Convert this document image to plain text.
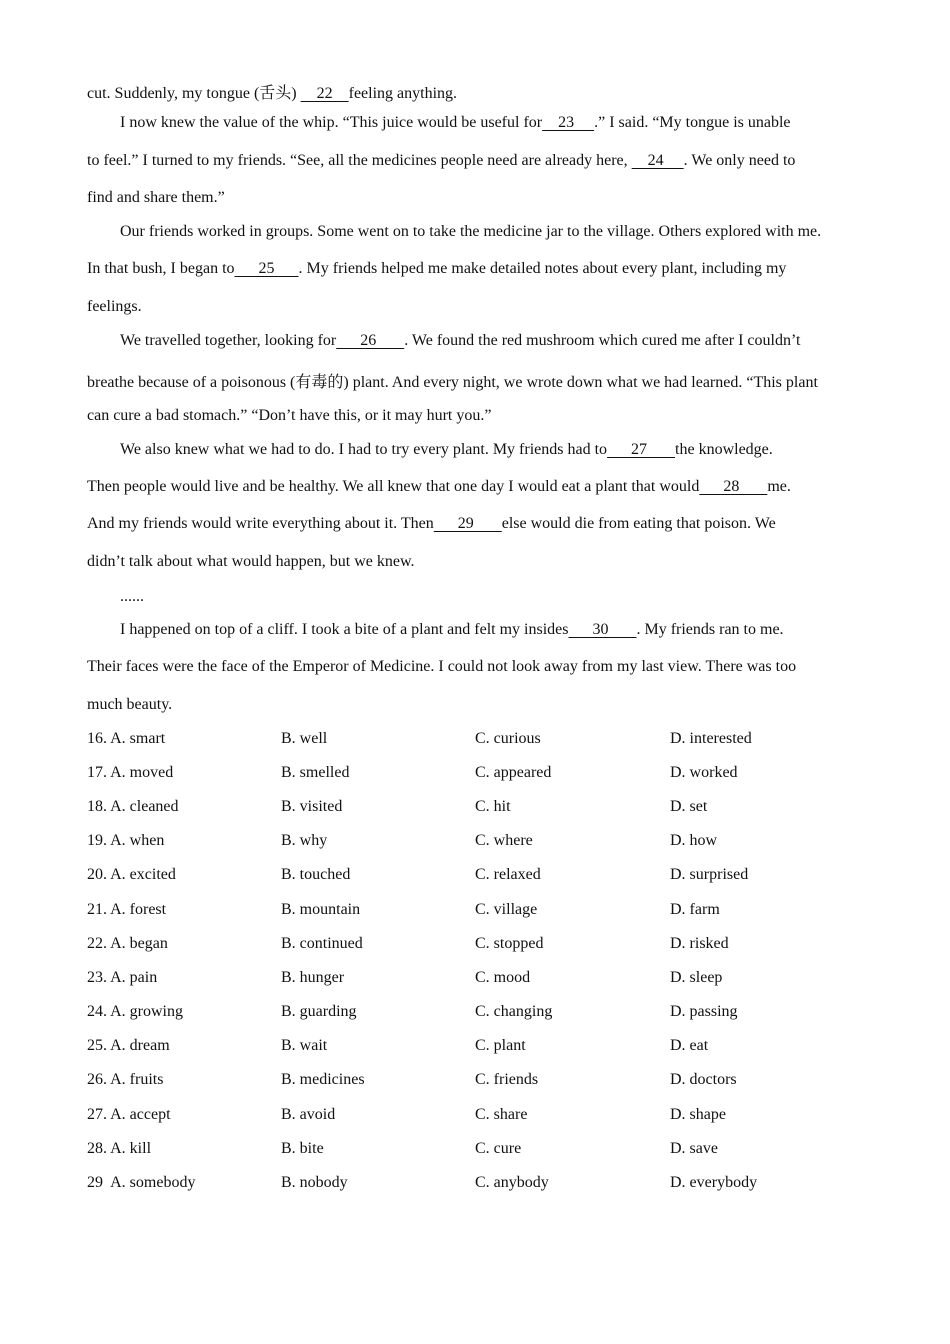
cut. Suddenly, my tongue (舌头)     22    feeling anything.
I now knew the value of the whip. “This juice would be useful for    23     .” I said. “My tongue is unable
to feel.” I turned to my friends. “See, all the medicines people need are already here,     24     . We only need to
find and share them.”
Our friends worked in groups. Some went on to take the medicine jar to the village. Others explored with me.
In that bush, I began to      25      . My friends helped me make detailed notes about every plant, including my
feelings.
We travelled together, looking for      26       . We found the red mushroom which cured me after I couldn’t
breathe because of a poisonous (有毒的) plant. And every night, we wrote down what we had learned. “This plant
can cure a bad stomach.” “Don’t have this, or it may hurt you.”
We also knew what we had to do. I had to try every plant. My friends had to      27       the knowledge.
Then people would live and be healthy. We all knew that one day I would eat a plant that would      28       me.
And my friends would write everything about it. Then      29       else would die from eating that poison. We
didn’t talk about what would happen, but we knew.
......
I happened on top of a cliff. I took a bite of a plant and felt my insides      30       . My friends ran to me.
Their faces were the face of the Emperor of Medicine. I could not look away from my last view. There was too
much beauty.
16. A. smart	B. well	C. curious	D. interested
17. A. moved	B. smelled	C. appeared	D. worked
18. A. cleaned	B. visited	C. hit	D. set
19. A. when	B. why	C. where	D. how
20. A. excited	B. touched	C. relaxed	D. surprised
21. A. forest	B. mountain	C. village	D. farm
22. A. began	B. continued	C. stopped	D. risked
23. A. pain	B. hunger	C. mood	D. sleep
24. A. growing	B. guarding	C. changing	D. passing
25. A. dream	B. wait	C. plant	D. eat
26. A. fruits	B. medicines	C. friends	D. doctors
27. A. accept	B. avoid	C. share	D. shape
28. A. kill	B. bite	C. cure	D. save
29  A. somebody	B. nobody	C. anybody	D. everybody
